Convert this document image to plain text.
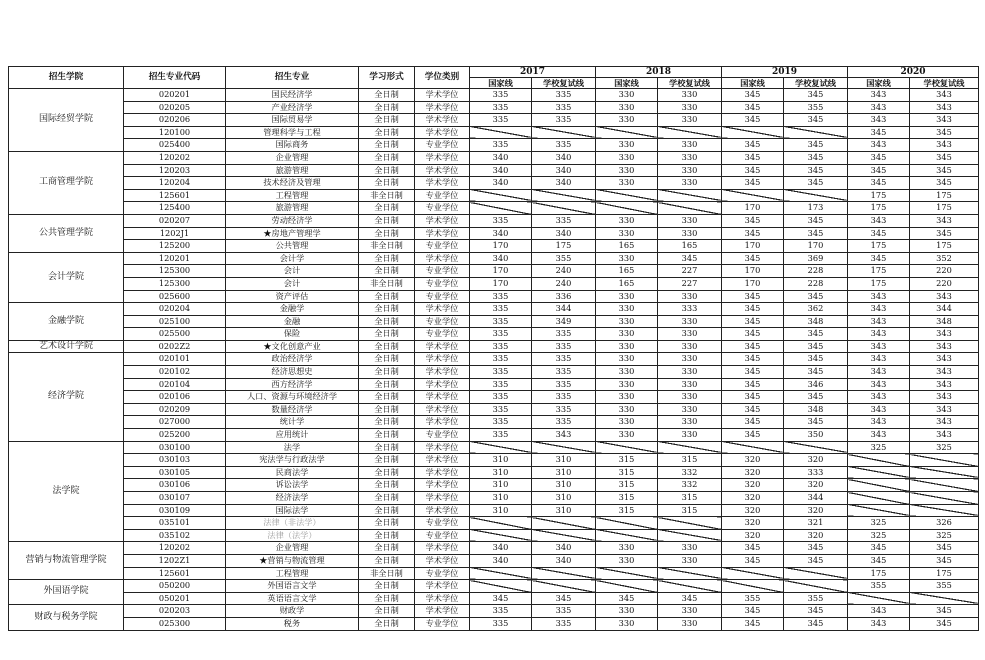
招生学院	招生专业代码	招生专业	学习形式	学位类别	2017		2018		2019		2020	
					国家线	学校复试线	国家线	学校复试线	国家线	学校复试线	国家线	学校复试线
国际经贸学院	020201	国民经济学	全日制	学术学位	335	335	330	330	345	345	343	343
	020205	产业经济学	全日制	学术学位	335	335	330	330	345	355	343	343
	020206	国际贸易学	全日制	学术学位	335	335	330	330	345	345	343	343
	120100	管理科学与工程	全日制	学术学位							345	345
	025400	国际商务	全日制	专业学位	335	335	330	330	345	345	343	343
工商管理学院	120202	企业管理	全日制	学术学位	340	340	330	330	345	345	345	345
	120203	旅游管理	全日制	学术学位	340	340	330	330	345	345	345	345
	120204	技术经济及管理	全日制	学术学位	340	340	330	330	345	345	345	345
	125601	工程管理	非全日制	专业学位							175	175
	125400	旅游管理	全日制	专业学位					170	173	175	175
公共管理学院	020207	劳动经济学	全日制	学术学位	335	335	330	330	345	345	343	343
	1202J1	★房地产管理学	全日制	学术学位	340	340	330	330	345	345	345	345
	125200	公共管理	非全日制	专业学位	170	175	165	165	170	170	175	175
会计学院	120201	会计学	全日制	学术学位	340	355	330	345	345	369	345	352
	125300	会计	全日制	专业学位	170	240	165	227	170	228	175	220
	125300	会计	非全日制	专业学位	170	240	165	227	170	228	175	220
	025600	资产评估	全日制	专业学位	335	336	330	330	345	345	343	343
金融学院	020204	金融学	全日制	学术学位	335	344	330	333	345	362	343	344
	025100	金融	全日制	专业学位	335	349	330	330	345	348	343	348
	025500	保险	全日制	专业学位	335	335	330	330	345	345	343	343
艺术设计学院	0202Z2	★文化创意产业	全日制	学术学位	335	335	330	330	345	345	343	343
经济学院	020101	政治经济学	全日制	学术学位	335	335	330	330	345	345	343	343
	020102	经济思想史	全日制	学术学位	335	335	330	330	345	345	343	343
	020104	西方经济学	全日制	学术学位	335	335	330	330	345	346	343	343
	020106	人口、资源与环境经济学	全日制	学术学位	335	335	330	330	345	345	343	343
	020209	数量经济学	全日制	学术学位	335	335	330	330	345	348	343	343
	027000	统计学	全日制	学术学位	335	335	330	330	345	345	343	343
	025200	应用统计	全日制	专业学位	335	343	330	330	345	350	343	343
法学院	030100	法学	全日制	学术学位							325	325
	030103	宪法学与行政法学	全日制	学术学位	310	310	315	315	320	320		
	030105	民商法学	全日制	学术学位	310	310	315	332	320	333		
	030106	诉讼法学	全日制	学术学位	310	310	315	332	320	320		
	030107	经济法学	全日制	学术学位	310	310	315	315	320	344		
	030109	国际法学	全日制	学术学位	310	310	315	315	320	320		
	035101	法律（非法学）	全日制	专业学位					320	321	325	326
	035102	法律（法学）	全日制	专业学位					320	320	325	325
营销与物流管理学院	120202	企业管理	全日制	学术学位	340	340	330	330	345	345	345	345
	1202Z1	★营销与物流管理	全日制	学术学位	340	340	330	330	345	345	345	345
	125601	工程管理	非全日制	专业学位							175	175
外国语学院	050200	外国语言文学	全日制	学术学位							355	355
	050201	英语语言文学	全日制	学术学位	345	345	345	345	355	355		
财政与税务学院	020203	财政学	全日制	学术学位	335	335	330	330	345	345	343	345
	025300	税务	全日制	专业学位	335	335	330	330	345	345	343	345
